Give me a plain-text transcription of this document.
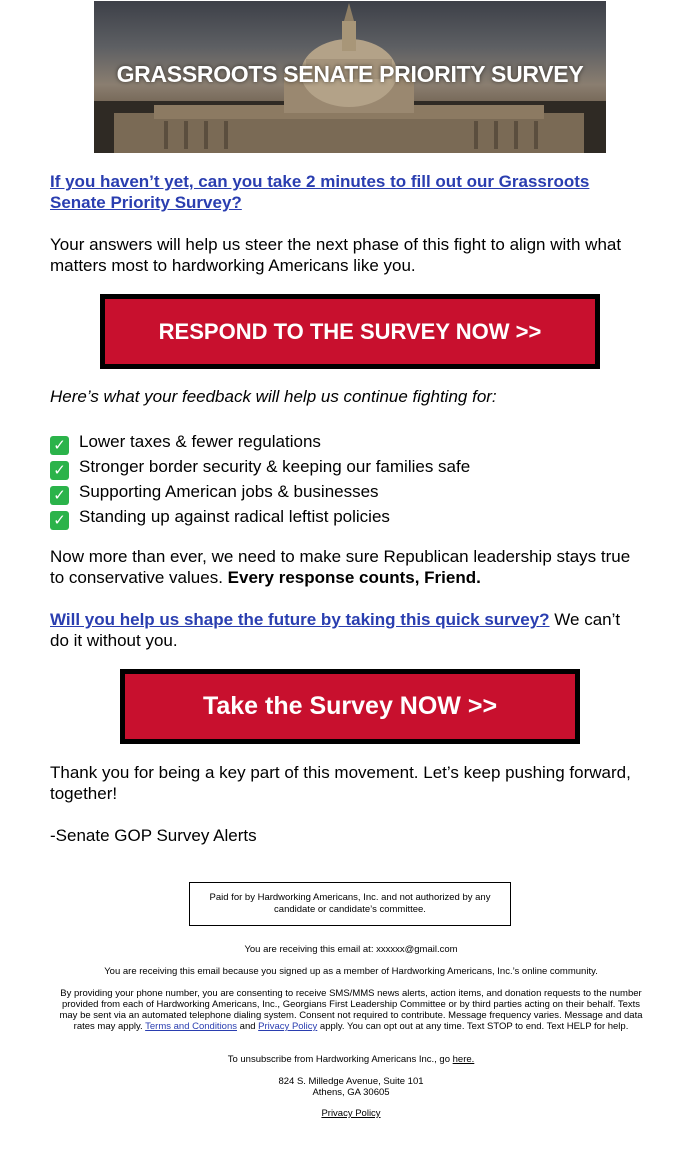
GRASSROOTS SENATE PRIORITY SURVEY

If you haven’t yet, can you take 2 minutes to fill out our Grassroots Senate Priority Survey?

Your answers will help us steer the next phase of this fight to align with what matters most to hardworking Americans like you.

RESPOND TO THE SURVEY NOW >>

Here’s what your feedback will help us continue fighting for:

✓ Lower taxes & fewer regulations
✓ Stronger border security & keeping our families safe
✓ Supporting American jobs & businesses
✓ Standing up against radical leftist policies

Now more than ever, we need to make sure Republican leadership stays true to conservative values. Every response counts, Friend.

Will you help us shape the future by taking this quick survey? We can’t do it without you.

Take the Survey NOW >>

Thank you for being a key part of this movement. Let’s keep pushing forward, together!

-Senate GOP Survey Alerts

Paid for by Hardworking Americans, Inc. and not authorized by any candidate or candidate’s committee.
You are receiving this email at: xxxxxx@gmail.com
You are receiving this email because you signed up as a member of Hardworking Americans, Inc.’s online community.
By providing your phone number, you are consenting to receive SMS/MMS news alerts, action items, and donation requests to the number provided from each of Hardworking Americans, Inc., Georgians First Leadership Committee or by third parties acting on their behalf. Texts may be sent via an automated telephone dialing system. Consent not required to contribute. Message frequency varies. Message and data rates may apply. Terms and Conditions and Privacy Policy apply. You can opt out at any time. Text STOP to end. Text HELP for help.
To unsubscribe from Hardworking Americans Inc., go here.
824 S. Milledge Avenue, Suite 101
Athens, GA 30605
Privacy Policy
